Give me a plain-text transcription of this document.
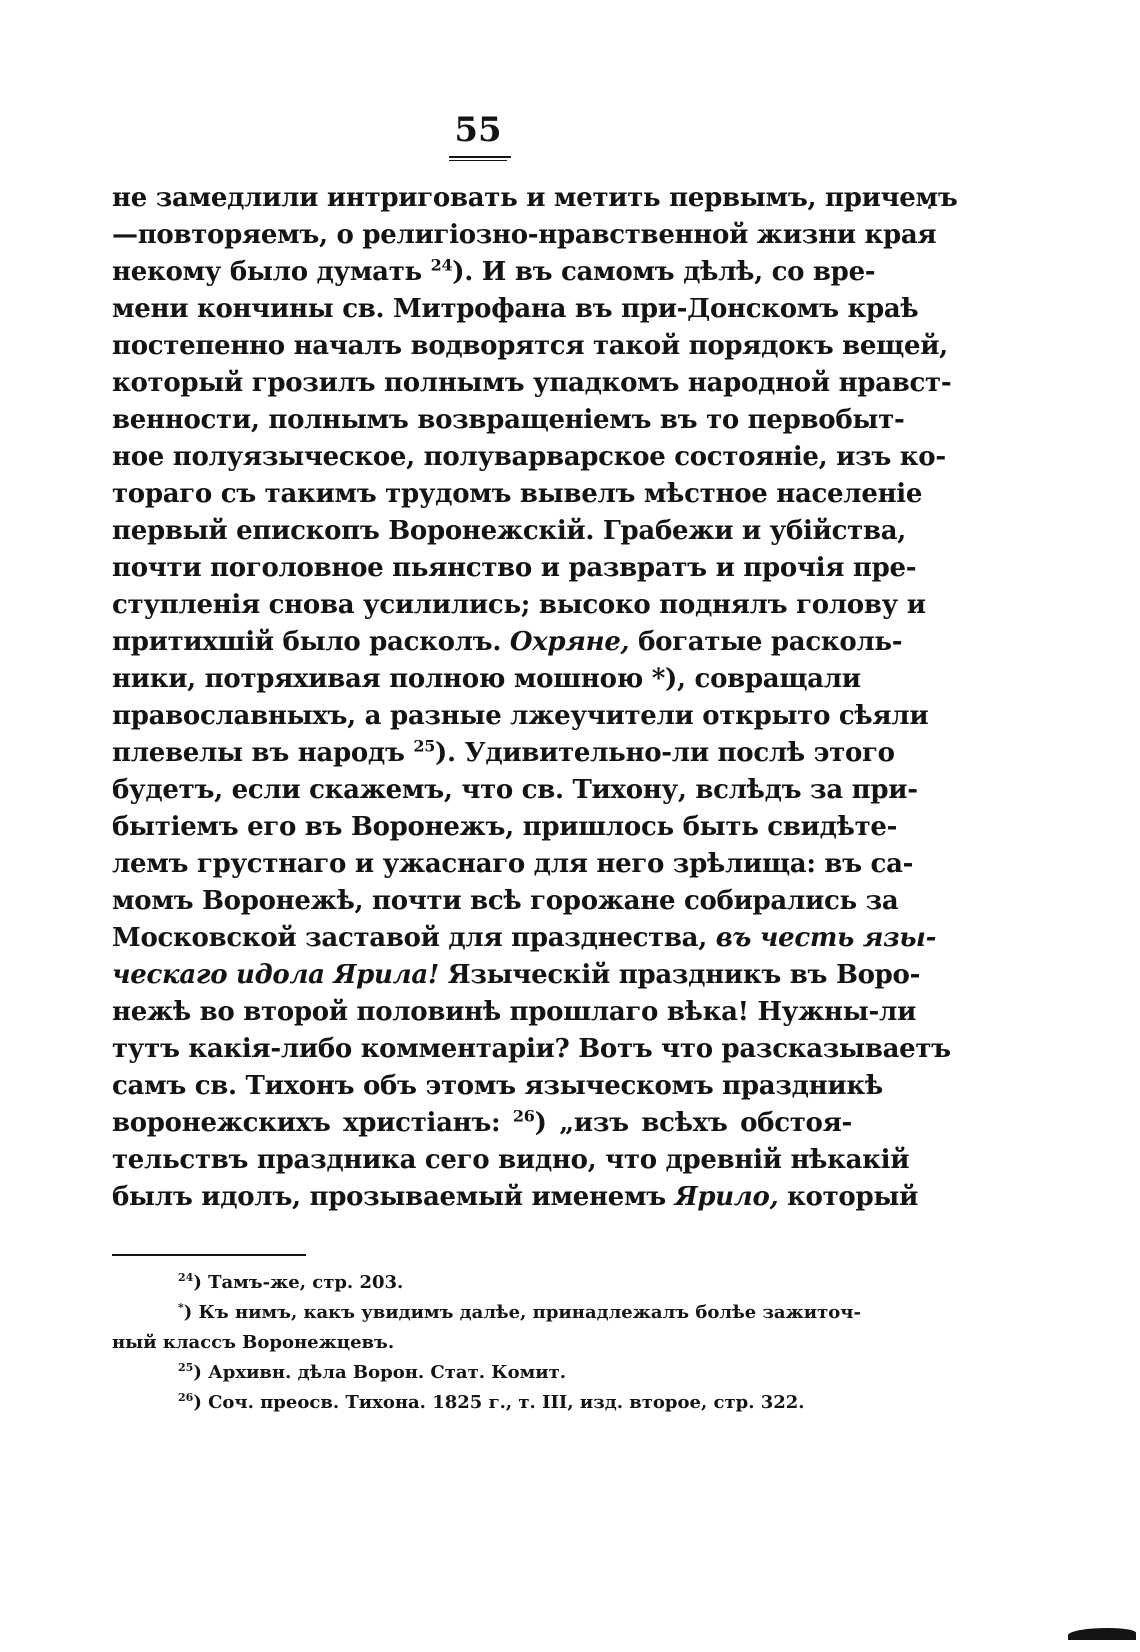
55
не замедлили интриговать и метить первымъ, причемъ
—повторяемъ, о религіозно-нравственной жизни края
некому было думать $^{24}$). И въ самомъ дѣлѣ, со вре-
мени кончины св. Митрофана въ при-Донскомъ краѣ
постепенно началъ водворятся такой порядокъ вещей,
который грозилъ полнымъ упадкомъ народной нравст-
венности, полнымъ возвращеніемъ въ то первобыт-
ное полуязыческое, полуварварское состояніе, изъ ко-
тораго съ такимъ трудомъ вывелъ мѣстное населеніе
первый епископъ Воронежскій. Грабежи и убійства,
почти поголовное пьянство и развратъ и прочія пре-
ступленія снова усилились; высоко поднялъ голову и
притихшій было расколъ. Охряне, богатые расколь-
ники, потряхивая полною мошною *), совращали
православныхъ, а разные лжеучители открыто сѣяли
плевелы въ народъ $^{25}$). Удивительно-ли послѣ этого
будетъ, если скажемъ, что св. Тихону, вслѣдъ за при-
бытіемъ его въ Воронежъ, пришлось быть свидѣте-
лемъ грустнаго и ужаснаго для него зрѣлища: въ са-
момъ Воронежѣ, почти всѣ горожане собирались за
Московской заставой для празднества, въ честь язы-
ческаго идола Ярила! Языческій праздникъ въ Воро-
нежѣ во второй половинѣ прошлаго вѣка! Нужны-ли
тутъ какія-либо комментаріи? Вотъ что разсказываетъ
самъ св. Тихонъ объ этомъ языческомъ праздникѣ
воронежскихъ христіанъ: $^{26}$) „изъ всѣхъ обстоя-
тельствъ праздника сего видно, что древній нѣкакій
былъ идолъ, прозываемый именемъ Ярило, который
$^{24}$) Тамъ-же, стр. 203.
*) Къ нимъ, какъ увидимъ далѣе, принадлежалъ болѣе зажиточ-
ный классъ Воронежцевъ.
$^{25}$) Архивн. дѣла Ворон. Стат. Комит.
$^{26}$) Соч. преосв. Тихона. 1825 г., т. III, изд. второе, стр. 322.
